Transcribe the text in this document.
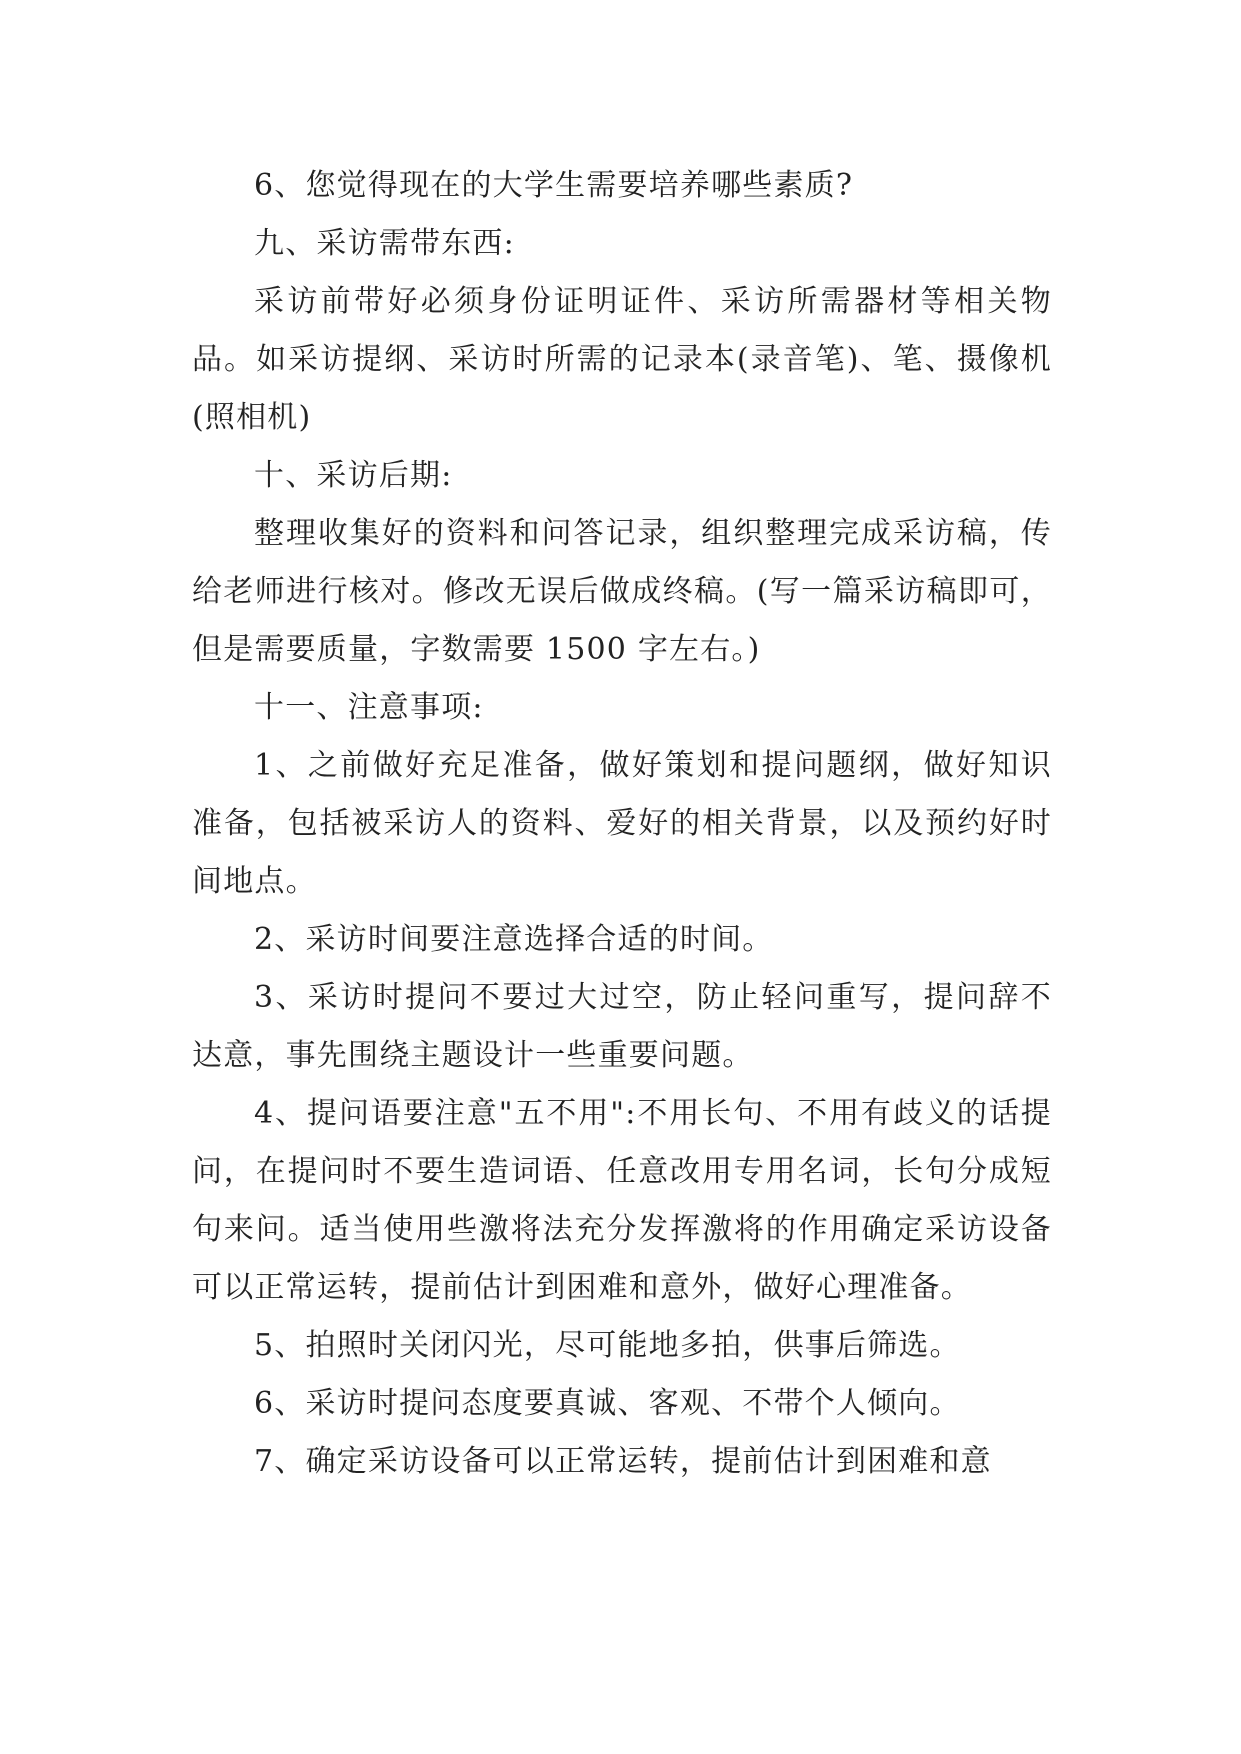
6、您觉得现在的大学生需要培养哪些素质?

九、采访需带东西:

采访前带好必须身份证明证件、采访所需器材等相关物品。如采访提纲、采访时所需的记录本(录音笔)、笔、摄像机(照相机)

十、采访后期:

整理收集好的资料和问答记录，组织整理完成采访稿，传给老师进行核对。修改无误后做成终稿。(写一篇采访稿即可，但是需要质量，字数需要 1500 字左右。)

十一、注意事项:

1、之前做好充足准备，做好策划和提问题纲，做好知识准备，包括被采访人的资料、爱好的相关背景，以及预约好时间地点。

2、采访时间要注意选择合适的时间。

3、采访时提问不要过大过空，防止轻问重写，提问辞不达意，事先围绕主题设计一些重要问题。

4、提问语要注意"五不用":不用长句、不用有歧义的话提问，在提问时不要生造词语、任意改用专用名词，长句分成短句来问。适当使用些激将法充分发挥激将的作用确定采访设备可以正常运转，提前估计到困难和意外，做好心理准备。

5、拍照时关闭闪光，尽可能地多拍，供事后筛选。

6、采访时提问态度要真诚、客观、不带个人倾向。

7、确定采访设备可以正常运转，提前估计到困难和意
